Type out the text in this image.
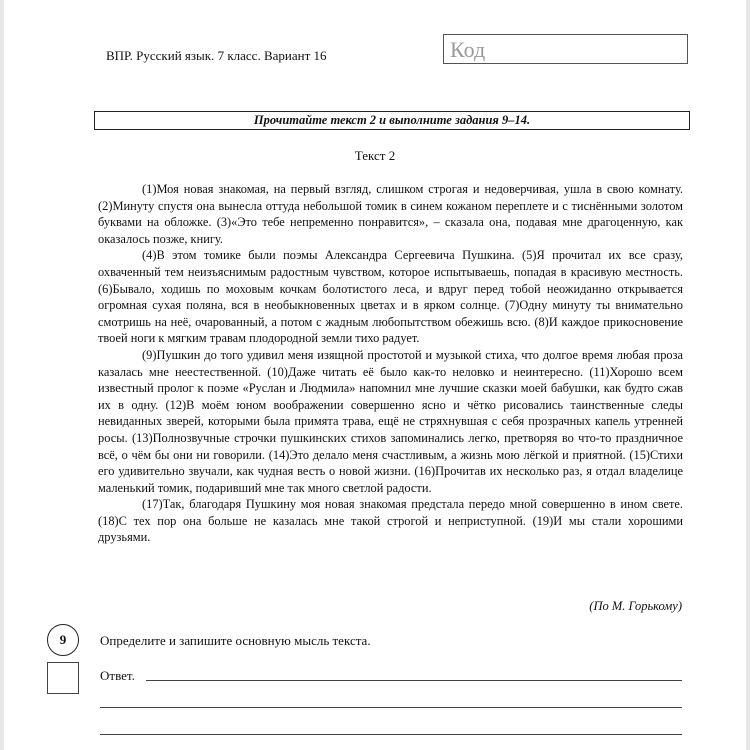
ВПР. Русский язык. 7 класс. Вариант 16	Код
Прочитайте текст 2 и выполните задания 9–14.
Текст 2

(1)Моя новая знакомая, на первый взгляд, слишком строгая и недоверчивая, ушла в свою комнату. (2)Минуту спустя она вынесла оттуда небольшой томик в синем кожаном переплете и с тиснёнными золотом буквами на обложке. (3)«Это тебе непременно понравится», – сказала она, подавая мне драгоценную, как оказалось позже, книгу.

(4)В этом томике были поэмы Александра Сергеевича Пушкина. (5)Я прочитал их все сразу, охваченный тем неизъяснимым радостным чувством, которое испытываешь, попадая в красивую местность. (6)Бывало, ходишь по моховым кочкам болотистого леса, и вдруг перед тобой неожиданно открывается огромная сухая поляна, вся в необыкновенных цветах и в ярком солнце. (7)Одну минуту ты внимательно смотришь на неё, очарованный, а потом с жадным любопытством обежишь всю. (8)И каждое прикосновение твоей ноги к мягким травам плодородной земли тихо радует.

(9)Пушкин до того удивил меня изящной простотой и музыкой стиха, что долгое время любая проза казалась мне неестественной. (10)Даже читать её было как-то неловко и неинтересно. (11)Хорошо всем известный пролог к поэме «Руслан и Людмила» напомнил мне лучшие сказки моей бабушки, как будто сжав их в одну. (12)В моём юном воображении совершенно ясно и чётко рисовались таинственные следы невиданных зверей, которыми была примята трава, ещё не стряхнувшая с себя прозрачных капель утренней росы. (13)Полнозвучные строчки пушкинских стихов запоминались легко, претворяя во что-то праздничное всё, о чём бы они ни говорили. (14)Это делало меня счастливым, а жизнь мою лёгкой и приятной. (15)Стихи его удивительно звучали, как чудная весть о новой жизни. (16)Прочитав их несколько раз, я отдал владелице маленький томик, подаривший мне так много светлой радости.

(17)Так, благодаря Пушкину моя новая знакомая предстала передо мной совершенно в ином свете. (18)С тех пор она больше не казалась мне такой строгой и неприступной. (19)И мы стали хорошими друзьями.

(По М. Горькому)
9	Определите и запишите основную мысль текста.
Ответ.
